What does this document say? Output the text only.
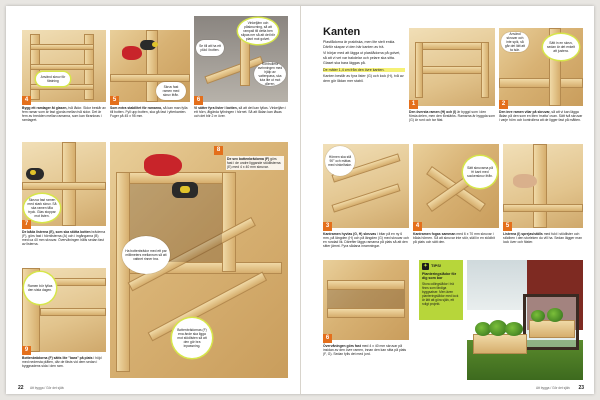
Använd skruv för fästning
4
Bygg ett ramlager åt glasen, två lådor. Sidor består av fem ramar som är fast gjorda mellan två sidor. Det är fem av bredden mellan ramarna, som kan förankras i ramlagret.
Skruv fast ramen med skruv ifrån.
5
Som extra stabilitet för ramarna, så kan man fylla till botten. Fyll upp botten, ska gå fast i ytterkanten. Fuger på 45 x 95 mm.
Vinkeljärn och påskruvning, så att rampall till detta ben slipas ner så att det blir plant mot golvet.
Kontrollera avrinningen med hjälp av vattenpass, ska luta lite ut mot dörren.
Se till att ha ett pläd i botten.
6
Vi sätter fyra lister i botten, så att det kan fyllas. Vinkeljärn i ett hörn, åtgärda fyllningen i hörnet. Så att lådan kan låsas och det blir 2 m över.
Skruva fast ramen med stark skruv. Så ska ramen tåla tryck. Glas stoppar mot listen.
7
De båda listerna (E), som ska stötta botten bräderna (F), görs fast i hörnlisterna (A) och i ingångarna (B) med ca 40 mm skruvar. Övervåningen hålls sedan fast av listerna.
Ha bottenbrädor med ett par millimeters mellanrum så att vattnet rinner bra.
Bottenbrädornas (F) ena ände ska ligga mot stödlisten så att den gör bra inpassning.
8
De sex bottenbrädorna (F) görs fast i de undre liggande stödlisterna (E) med 4 x 40 mm skruvar.
Ramen bör fyllas den sista dagen.
9
Bottenbrädorna (F) sätts lite "bara" på plats i höjd med nedersta plåten, där de fästs vid dem sedan i byggnadens sida i den ram.
22 Att bygga / Gör det själv
Kanten

Plastlådorna är praktiska, men lite stelt enkla. Därför skapar vi den här kanten av trä.

Vi börjar med att lägga ut plastlådorna på golvet, så att vi vet var bakdelar och pelare ska sitta. Glaset ska bara läggas på.

De mäter 1,4 cm från den övre kanten.

Kanten består av fyra lister (G) och lock (H), två av dem gör lådan mer stabil.

1
Den översta ramen (H) och (I) är byggd som i den första delen, men den förstärks. Ramarna är byggda som (G) är runt och tar fäst.
Använd skruvar och inte spik, så går det lätt att ta isär.
Sätt in en skruv, sedan är det enkelt att justera.
2
Den inre ramen vilar på skruvar, så att vi kan lägga lådan på den som en liten 'matta' ovan. Sätt två skruvar i varje hörn och kontrollera att de ligger fast på måtten.
Hörnen ska stå 90° och mätas med vinkelhake.
3
Kantramen hyvlas (G, H) skruvas i bitar på en ny 6 mm, på längden (H) och på längden (G) med skruvar och en rundad lik. Därefter läggs ramarna på plats så att den sitter jämnt. Fyra sådana inramningar.
Sätt skruvarna på fri kant med sockerskruv ifrån.
4
Kantramen fogas samman med 6 x 70 mm skruvar i båda hörnen. Så att skruvar inte stör, ställ in en stödbit på plats och sätt den.
5
Listerna (I) sprejas/ställs med fukt i stödlister och stödben i den storleken du vill ha. Sedan lägger man lock över och fäster.
6
Övervåningen görs fast med 4 x 40 mm skruvar på insidan av den övre ramen, innan den kan sitta på plats (F, G). Sedan fylls det med jord.
✦ TIPS!
Planteringslådor för dig som bor
Stora odlingslådor i trä finns som färdiga byggsatser. Men även planteringslådor med lock är lätt att göra själv, ett roligt projekt.
Att bygga / Gör det själv 23
